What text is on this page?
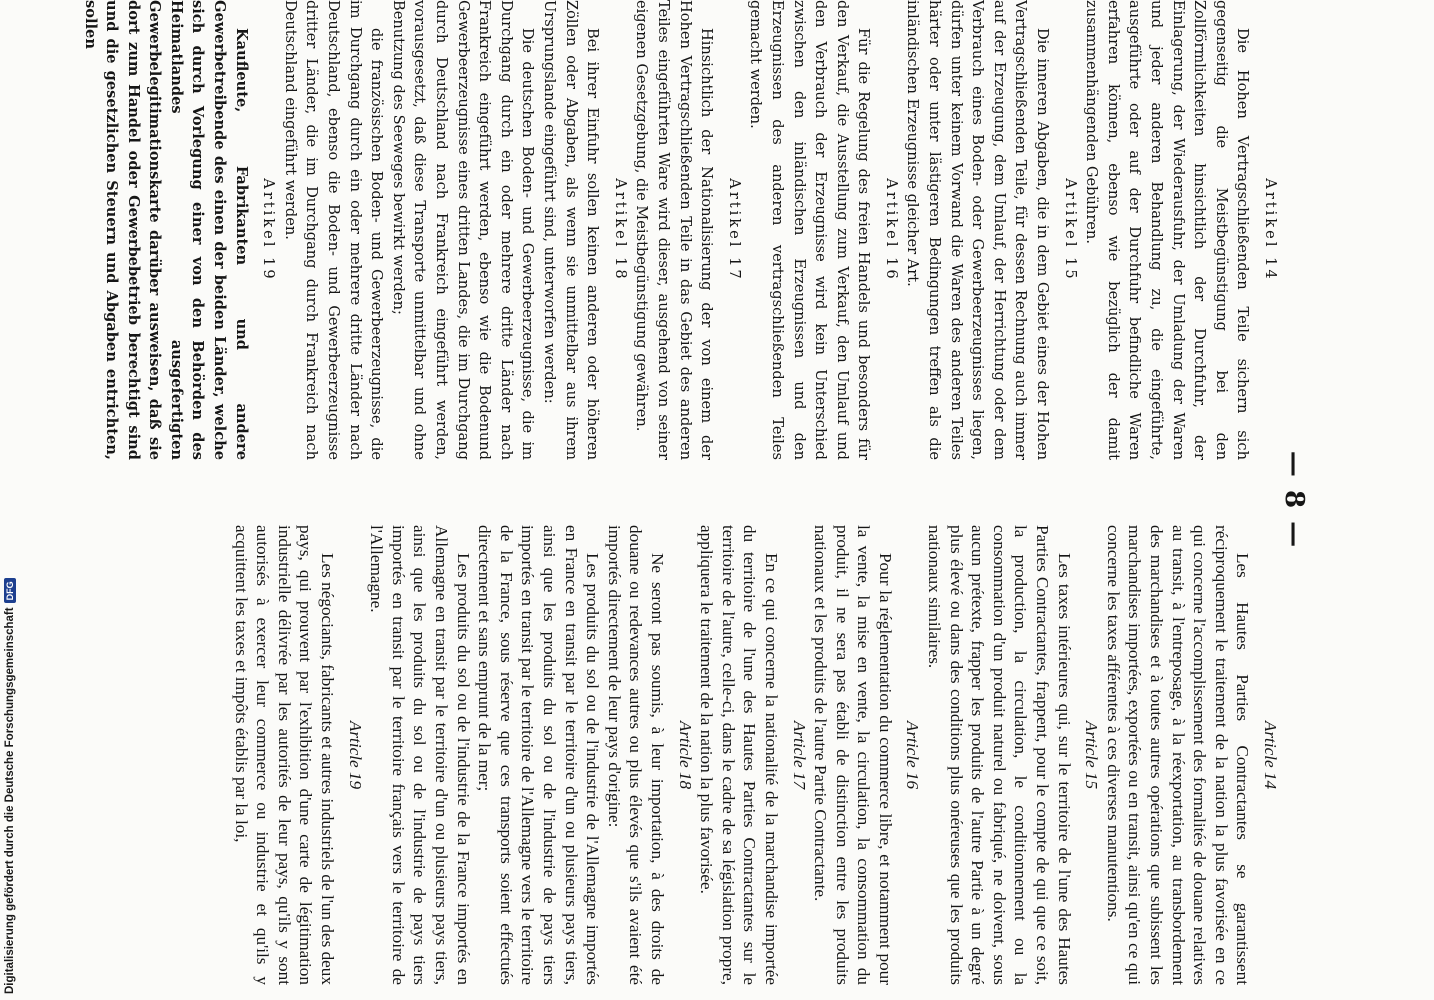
— 8 —
Artikel 14

Die Hohen Vertragschließenden Teile sichern sich gegenseitig die Meistbegünstigung bei den Zollförmlichkeiten hinsichtlich der Durchfuhr, der Einlagerung, der Wiederausfuhr, der Umladung der Waren und jeder anderen Behandlung zu, die eingeführte, ausgeführte oder auf der Durchfuhr befindliche Waren erfahren können, ebenso wie bezüglich der damit zusammenhängenden Gebühren.

Artikel 15

Die inneren Abgaben, die in dem Gebiet eines der Hohen Vertragschließenden Teile, für dessen Rechnung auch immer auf der Erzeugung, dem Umlauf, der Herrichtung oder dem Verbrauch eines Boden- oder Gewerbeerzeugnisses liegen, dürfen unter keinem Vorwand die Waren des anderen Teiles härter oder unter lästigeren Bedingungen treffen als die inländischen Erzeugnisse gleicher Art.

Artikel 16

Für die Regelung des freien Handels und besonders für den Verkauf, die Ausstellung zum Verkauf, den Umlauf und den Verbrauch der Erzeugnisse wird kein Unterschied zwischen den inländischen Erzeugnissen und den Erzeugnissen des anderen vertragschließenden Teiles gemacht werden.

Artikel 17

Hinsichtlich der Nationalisierung der von einem der Hohen Vertragschließenden Teile in das Gebiet des anderen Teiles eingeführten Ware wird dieser, ausgehend von seiner eigenen Gesetzgebung, die Meistbegünstigung gewähren.

Artikel 18

Bei ihrer Einfuhr sollen keinen anderen oder höheren Zöllen oder Abgaben, als wenn sie unmittelbar aus ihrem Ursprungslande eingeführt sind, unterworfen werden:

Die deutschen Boden- und Gewerbeerzeugnisse, die im Durchgang durch ein oder mehrere dritte Länder nach Frankreich eingeführt werden, ebenso wie die Bodenund Gewerbeerzeugnisse eines dritten Landes, die im Durchgang durch Deutschland nach Frankreich eingeführt werden, vorausgesetzt, daß diese Transporte unmittelbar und ohne Benutzung des Seeweges bewirkt werden;

die französischen Boden- und Gewerbeerzeugnisse, die im Durchgang durch ein oder mehrere dritte Länder nach Deutschland, ebenso die Boden- und Gewerbeerzeugnisse dritter Länder, die im Durchgang durch Frankreich nach Deutschland eingeführt werden.

Artikel 19

Kaufleute, Fabrikanten und andere Gewerbetreibende des einen der beiden Länder, welche sich durch Vorlegung einer von den Behörden des Heimatlandes ausgefertigten Gewerbelegitimationskarte darüber ausweisen, daß sie dort zum Handel oder Gewerbebetrieb berechtigt sind und die gesetzlichen Steuern und Abgaben entrichten, sollen

Article 14

Les Hautes Parties Contractantes se garantissent réciproquement le traitement de la nation la plus favorisée en ce qui concerne l'accomplissement des formalités de douane relatives au transit, à l'entreposage, à la réexportation, au transbordement des marchandises et à toutes autres opérations que subissent les marchandises importées, exportées ou en transit, ainsi qu'en ce qui concerne les taxes afférentes à ces diverses manutentions.

Article 15

Les taxes intérieures qui, sur le territoire de l'une des Hautes Parties Contractantes, frappent, pour le compte de qui que ce soit, la production, la circulation, le conditionnement ou la consommation d'un produit naturel ou fabriqué, ne doivent, sous aucun prétexte, frapper les produits de l'autre Partie à un degré plus élevé ou dans des conditions plus onéreuses que les produits nationaux similaires.

Article 16

Pour la réglementation du commerce libre, et notamment pour la vente, la mise en vente, la circulation, la consommation du produit, il ne sera pas établi de distinction entre les produits nationaux et les produits de l'autre Partie Contractante.

Article 17

En ce qui concerne la nationalité de la marchandise importée du territoire de l'une des Hautes Parties Contractantes sur le territoire de l'autre, celle-ci, dans le cadre de sa législation propre, appliquera le traitement de la nation la plus favorisée.

Article 18

Ne seront pas soumis, à leur importation, à des droits de douane ou redevances autres ou plus élevés que s'ils avaient été importés directement de leur pays d'origine:

Les produits du sol ou de l'industrie de l'Allemagne importés en France en transit par le territoire d'un ou plusieurs pays tiers, ainsi que les produits du sol ou de l'industrie de pays tiers importés en transit par le territoire de l'Allemagne vers le territoire de la France, sous réserve que ces transports soient effectués directement et sans emprunt de la mer;

Les produits du sol ou de l'industrie de la France importés en Allemagne en transit par le territoire d'un ou plusieurs pays tiers, ainsi que les produits du sol ou de l'industrie de pays tiers importés en transit par le territoire français vers le territoire de l'Allemagne.

Article 19

Les négociants, fabricants et autres industriels de l'un des deux pays, qui prouvent par l'exhibition d'une carte de légitimation industrielle délivrée par les autorités de leur pays, qu'ils y sont autorisés à exercer leur commerce ou industrie et qu'ils y acquittent les taxes et impôts établis par la loi,

Digitalisierung gefördert durch die Deutsche Forschungsgemeinschaft
DFG
